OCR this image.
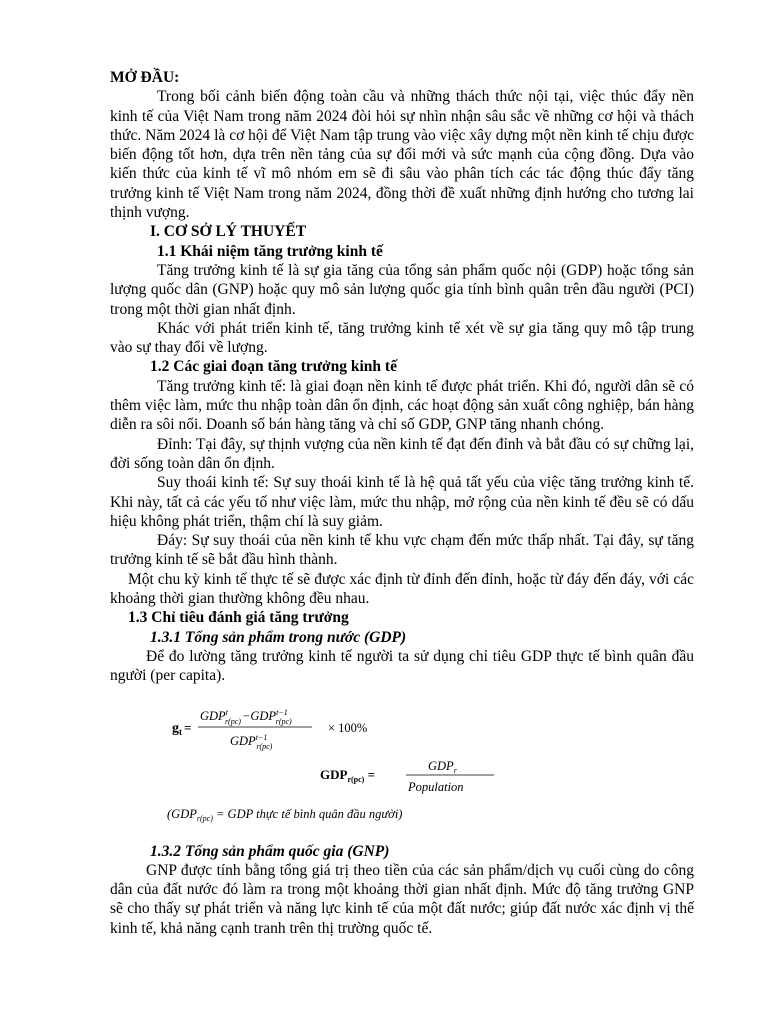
MỞ ĐẦU:

Trong bối cảnh biến động toàn cầu và những thách thức nội tại, việc thúc đẩy nền kinh tế của Việt Nam trong năm 2024 đòi hỏi sự nhìn nhận sâu sắc về những cơ hội và thách thức. Năm 2024 là cơ hội để Việt Nam tập trung vào việc xây dựng một nền kinh tế chịu được biến động tốt hơn, dựa trên nền tảng của sự đổi mới và sức mạnh của cộng đồng. Dựa vào kiến thức của kinh tế vĩ mô nhóm em sẽ đi sâu vào phân tích các tác động thúc đẩy tăng trưởng kinh tế Việt Nam trong năm 2024, đồng thời đề xuất những định hướng cho tương lai thịnh vượng.

I. CƠ SỞ LÝ THUYẾT

1.1 Khái niệm tăng trưởng kinh tế

Tăng trưởng kinh tế là sự gia tăng của tổng sản phẩm quốc nội (GDP) hoặc tổng sản lượng quốc dân (GNP) hoặc quy mô sản lượng quốc gia tính bình quân trên đầu người (PCI) trong một thời gian nhất định.

Khác với phát triển kinh tế, tăng trưởng kinh tế xét về sự gia tăng quy mô tập trung vào sự thay đổi về lượng.

1.2 Các giai đoạn tăng trưởng kinh tế

Tăng trưởng kinh tế: là giai đoạn nền kinh tế được phát triển. Khi đó, người dân sẽ có thêm việc làm, mức thu nhập toàn dân ổn định, các hoạt động sản xuất công nghiệp, bán hàng diễn ra sôi nổi. Doanh số bán hàng tăng và chỉ số GDP, GNP tăng nhanh chóng.

Đỉnh: Tại đây, sự thịnh vượng của nền kinh tế đạt đến đỉnh và bắt đầu có sự chững lại, đời sống toàn dân ổn định.

Suy thoái kinh tế: Sự suy thoái kinh tế là hệ quả tất yếu của việc tăng trưởng kinh tế. Khi này, tất cả các yếu tố như việc làm, mức thu nhập, mở rộng của nền kinh tế đều sẽ có dấu hiệu không phát triển, thậm chí là suy giảm.

Đáy: Sự suy thoái của nền kinh tế khu vực chạm đến mức thấp nhất. Tại đây, sự tăng trưởng kinh tế sẽ bắt đầu hình thành.

Một chu kỳ kinh tế thực tế sẽ được xác định từ đỉnh đến đỉnh, hoặc từ đáy đến đáy, với các khoảng thời gian thường không đều nhau.

1.3 Chỉ tiêu đánh giá tăng trưởng

1.3.1 Tổng sản phẩm trong nước (GDP)

Để đo lường tăng trưởng kinh tế người ta sử dụng chỉ tiêu GDP thực tế bình quân đầu người (per capita).

$g_t$ =
$GDP^t$ $r(pc)-GDP^{t-1}$ r(pc)
$GDP^{t-1}$ r(pc)
× 100%
$GDP_{r(pc)}$ =
$GDP_r$
Population
($GDP_{r(pc)}$ = GDP thực tế bình quân đầu người)

1.3.2 Tổng sản phẩm quốc gia (GNP)

GNP được tính bằng tổng giá trị theo tiền của các sản phẩm/dịch vụ cuối cùng do công dân của đất nước đó làm ra trong một khoảng thời gian nhất định. Mức độ tăng trưởng GNP sẽ cho thấy sự phát triển và năng lực kinh tế của một đất nước; giúp đất nước xác định vị thế kinh tế, khả năng cạnh tranh trên thị trường quốc tế.
